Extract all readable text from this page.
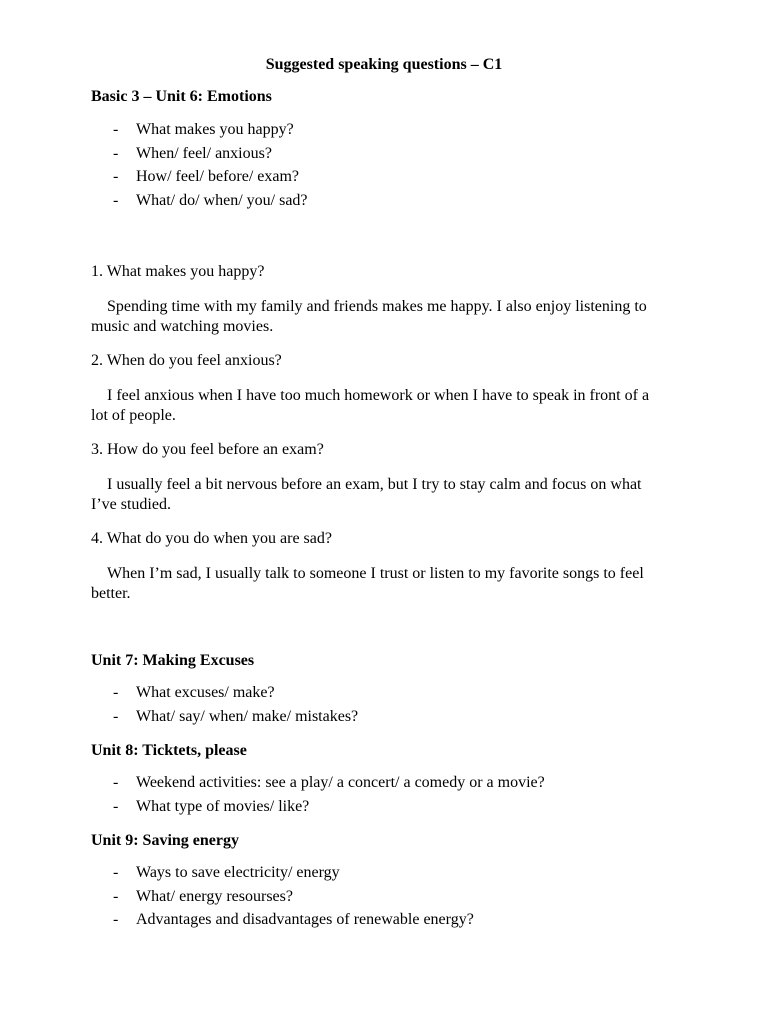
Suggested speaking questions – C1
Basic 3 – Unit 6: Emotions
- What makes you happy?
- When/ feel/ anxious?
- How/ feel/ before/ exam?
- What/ do/ when/ you/ sad?
1. What makes you happy?

Spending time with my family and friends makes me happy. I also enjoy listening to music and watching movies.

2. When do you feel anxious?

I feel anxious when I have too much homework or when I have to speak in front of a lot of people.

3. How do you feel before an exam?

I usually feel a bit nervous before an exam, but I try to stay calm and focus on what I’ve studied.

4. What do you do when you are sad?

When I’m sad, I usually talk to someone I trust or listen to my favorite songs to feel better.

Unit 7: Making Excuses
- What excuses/ make?
- What/ say/ when/ make/ mistakes?
Unit 8: Ticktets, please
- Weekend activities: see a play/ a concert/ a comedy or a movie?
- What type of movies/ like?
Unit 9: Saving energy
- Ways to save electricity/ energy
- What/ energy resourses?
- Advantages and disadvantages of renewable energy?
